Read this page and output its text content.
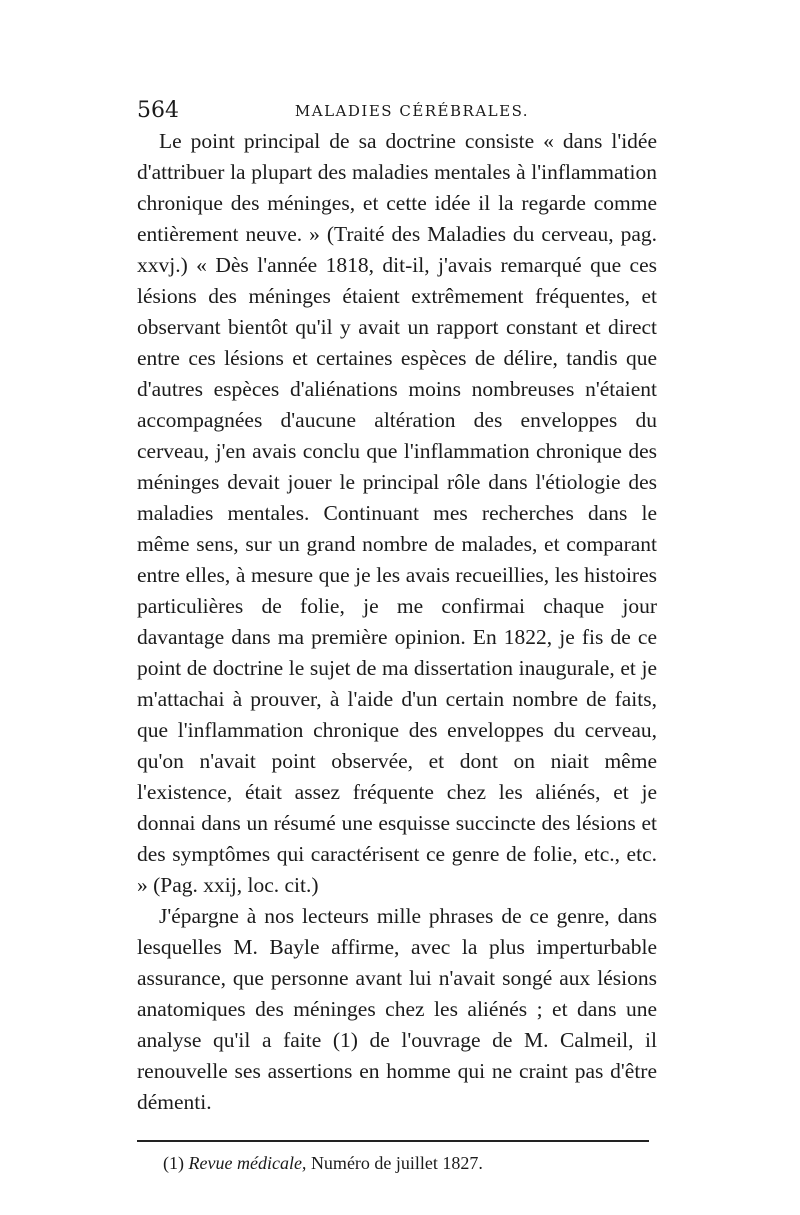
564	MALADIES CÉRÉBRALES.

Le point principal de sa doctrine consiste « dans l'idée d'attribuer la plupart des maladies mentales à l'inflammation chronique des méninges, et cette idée il la regarde comme entièrement neuve. » (Traité des Maladies du cerveau, pag. xxvj.) « Dès l'année 1818, dit-il, j'avais remarqué que ces lésions des méninges étaient extrêmement fréquentes, et observant bientôt qu'il y avait un rapport constant et direct entre ces lésions et certaines espèces de délire, tandis que d'autres espèces d'aliénations moins nombreuses n'étaient accompagnées d'aucune altération des enveloppes du cerveau, j'en avais conclu que l'inflammation chronique des méninges devait jouer le principal rôle dans l'étiologie des maladies mentales. Continuant mes recherches dans le même sens, sur un grand nombre de malades, et comparant entre elles, à mesure que je les avais recueillies, les histoires particulières de folie, je me confirmai chaque jour davantage dans ma première opinion. En 1822, je fis de ce point de doctrine le sujet de ma dissertation inaugurale, et je m'attachai à prouver, à l'aide d'un certain nombre de faits, que l'inflammation chronique des enveloppes du cerveau, qu'on n'avait point observée, et dont on niait même l'existence, était assez fréquente chez les aliénés, et je donnai dans un résumé une esquisse succincte des lésions et des symptômes qui caractérisent ce genre de folie, etc., etc. » (Pag. xxij, loc. cit.)

J'épargne à nos lecteurs mille phrases de ce genre, dans lesquelles M. Bayle affirme, avec la plus imperturbable assurance, que personne avant lui n'avait songé aux lésions anatomiques des méninges chez les aliénés ; et dans une analyse qu'il a faite (1) de l'ouvrage de M. Calmeil, il renouvelle ses assertions en homme qui ne craint pas d'être démenti.

(1) Revue médicale, Numéro de juillet 1827.
